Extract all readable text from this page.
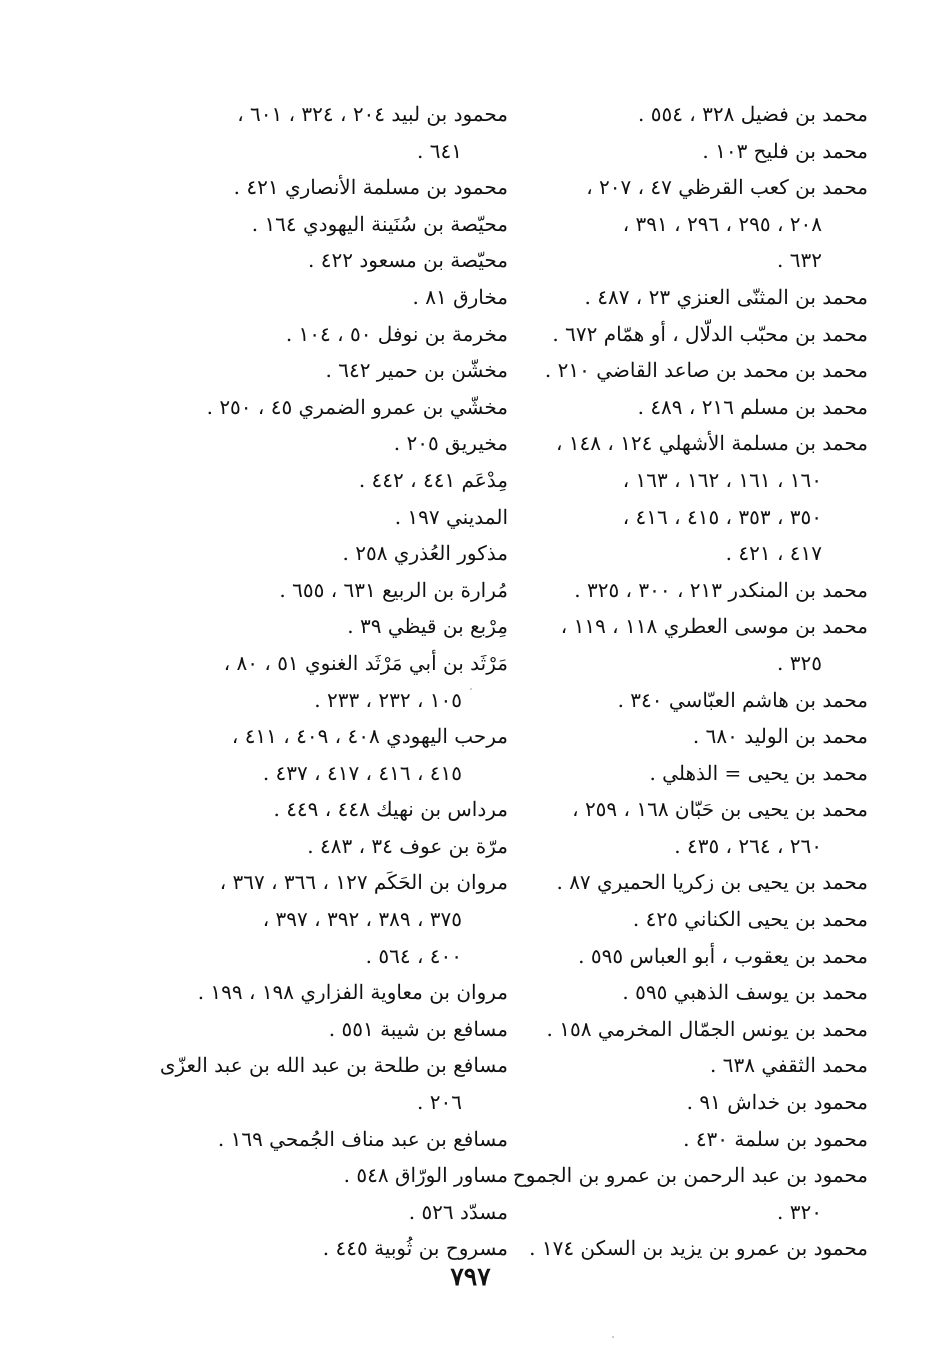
محمد بن فضيل ٣٢٨ ، ٥٥٤ .
محمد بن فليح ١٠٣ .
محمد بن كعب القرظي ٤٧ ، ٢٠٧ ،
٢٠٨ ، ٢٩٥ ، ٢٩٦ ، ٣٩١ ،
٦٣٢ .
محمد بن المثنّى العنزي ٢٣ ، ٤٨٧ .
محمد بن محبّب الدلّال ، أو همّام ٦٧٢ .
محمد بن محمد بن صاعد القاضي ٢١٠ .
محمد بن مسلم ٢١٦ ، ٤٨٩ .
محمد بن مسلمة الأشهلي ١٢٤ ، ١٤٨ ،
١٦٠ ، ١٦١ ، ١٦٢ ، ١٦٣ ،
٣٥٠ ، ٣٥٣ ، ٤١٥ ، ٤١٦ ،
٤١٧ ، ٤٢١ .
محمد بن المنكدر ٢١٣ ، ٣٠٠ ، ٣٢٥ .
محمد بن موسى العطري ١١٨ ، ١١٩ ،
٣٢٥ .
محمد بن هاشم العبّاسي ٣٤٠ .
محمد بن الوليد ٦٨٠ .
محمد بن يحيى = الذهلي .
محمد بن يحيى بن حَبّان ١٦٨ ، ٢٥٩ ،
٢٦٠ ، ٢٦٤ ، ٤٣٥ .
محمد بن يحيى بن زكريا الحميري ٨٧ .
محمد بن يحيى الكناني ٤٢٥ .
محمد بن يعقوب ، أبو العباس ٥٩٥ .
محمد بن يوسف الذهبي ٥٩٥ .
محمد بن يونس الجمّال المخرمي ١٥٨ .
محمد الثقفي ٦٣٨ .
محمود بن خداش ٩١ .
محمود بن سلمة ٤٣٠ .
محمود بن عبد الرحمن بن عمرو بن الجموح
٣٢٠ .
محمود بن عمرو بن يزيد بن السكن ١٧٤ .
محمود بن لبيد ٢٠٤ ، ٣٢٤ ، ٦٠١ ،
٦٤١ .
محمود بن مسلمة الأنصاري ٤٢١ .
محيّصة بن سُنَينة اليهودي ١٦٤ .
محيّصة بن مسعود ٤٢٢ .
مخارق ٨١ .
مخرمة بن نوفل ٥٠ ، ١٠٤ .
مخشّن بن حمير ٦٤٢ .
مخشّي بن عمرو الضمري ٤٥ ، ٢٥٠ .
مخيريق ٢٠٥ .
مِدْعَم ٤٤١ ، ٤٤٢ .
المديني ١٩٧ .
مذكور العُذري ٢٥٨ .
مُرارة بن الربيع ٦٣١ ، ٦٥٥ .
مِرْبع بن قيظي ٣٩ .
مَرْثَد بن أبي مَرْثَد الغنوي ٥١ ، ٨٠ ،
١٠٥ ، ٢٣٢ ، ٢٣٣ .
مرحب اليهودي ٤٠٨ ، ٤٠٩ ، ٤١١ ،
٤١٥ ، ٤١٦ ، ٤١٧ ، ٤٣٧ .
مرداس بن نهيك ٤٤٨ ، ٤٤٩ .
مرّة بن عوف ٣٤ ، ٤٨٣ .
مروان بن الحَكَم ١٢٧ ، ٣٦٦ ، ٣٦٧ ،
٣٧٥ ، ٣٨٩ ، ٣٩٢ ، ٣٩٧ ،
٤٠٠ ، ٥٦٤ .
مروان بن معاوية الفزاري ١٩٨ ، ١٩٩ .
مسافع بن شيبة ٥٥١ .
مسافع بن طلحة بن عبد الله بن عبد العزّى
٢٠٦ .
مسافع بن عبد مناف الجُمحي ١٦٩ .
مساور الورّاق ٥٤٨ .
مسدّد ٥٢٦ .
مسروح بن ثُوبية ٤٤٥ .
٧٩٧
